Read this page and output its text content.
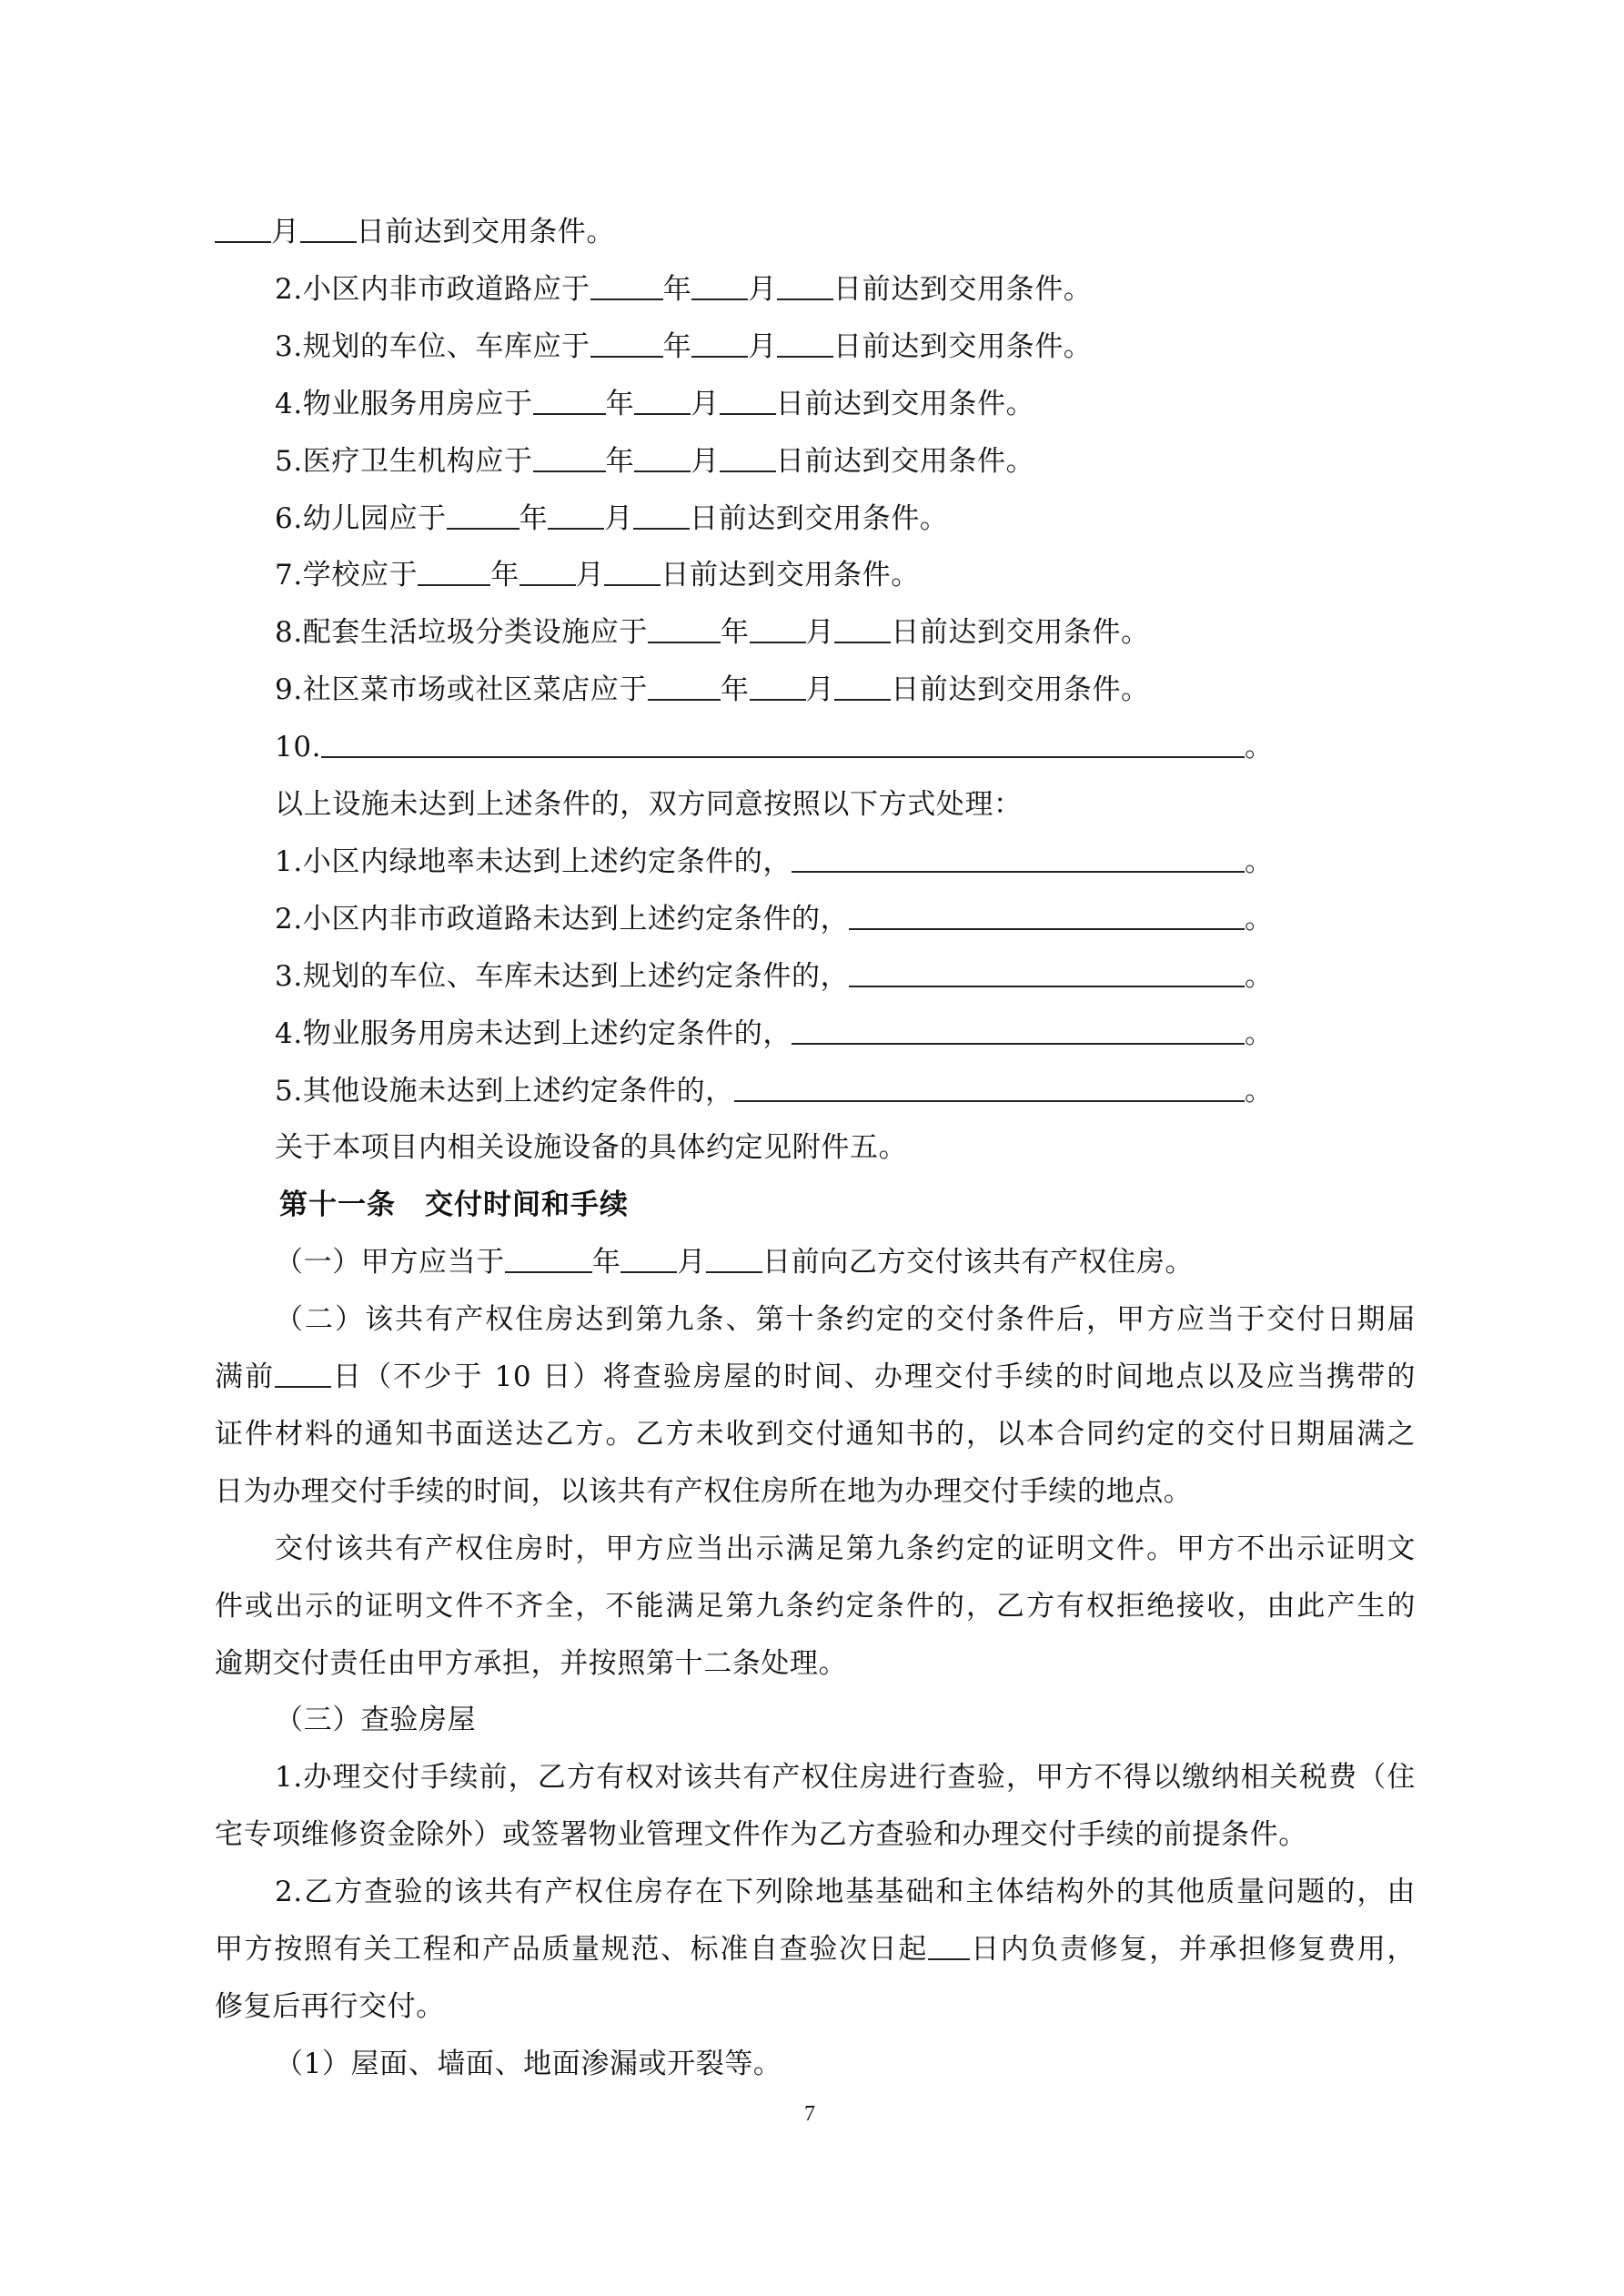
月 日前达到交用条件。
2.小区内非市政道路应于	年 月 日前达到交用条件。
3.规划的车位、车库应于	年 月 日前达到交用条件。
4.物业服务用房应于	年 月 日前达到交用条件。
5.医疗卫生机构应于	年 月 日前达到交用条件。
6.幼儿园应于	年 月 日前达到交用条件。
7.学校应于	年 月 日前达到交用条件。
8.配套生活垃圾分类设施应于	年 月 日前达到交用条件。
9.社区菜市场或社区菜店应于	年 月 日前达到交用条件。
10.	。
以上设施未达到上述条件的，双方同意按照以下方式处理：
1.小区内绿地率未达到上述约定条件的，	。
2.小区内非市政道路未达到上述约定条件的，	。
3.规划的车位、车库未达到上述约定条件的，	。
4.物业服务用房未达到上述约定条件的，	。
5.其他设施未达到上述约定条件的，	。
关于本项目内相关设施设备的具体约定见附件五。
第十一条　交付时间和手续
（一）甲方应当于	年 月 日前向乙方交付该共有产权住房。
（二）该共有产权住房达到第九条、第十条约定的交付条件后，甲方应当于交付日期届
满前 日（不少于 10 日）将查验房屋的时间、办理交付手续的时间地点以及应当携带的
证件材料的通知书面送达乙方。乙方未收到交付通知书的，以本合同约定的交付日期届满之
日为办理交付手续的时间，以该共有产权住房所在地为办理交付手续的地点。
交付该共有产权住房时，甲方应当出示满足第九条约定的证明文件。甲方不出示证明文
件或出示的证明文件不齐全，不能满足第九条约定条件的，乙方有权拒绝接收，由此产生的
逾期交付责任由甲方承担，并按照第十二条处理。
（三）查验房屋
1.办理交付手续前，乙方有权对该共有产权住房进行查验，甲方不得以缴纳相关税费（住
宅专项维修资金除外）或签署物业管理文件作为乙方查验和办理交付手续的前提条件。
2.乙方查验的该共有产权住房存在下列除地基基础和主体结构外的其他质量问题的，由
甲方按照有关工程和产品质量规范、标准自查验次日起 日内负责修复，并承担修复费用，
修复后再行交付。
（1）屋面、墙面、地面渗漏或开裂等。
7
